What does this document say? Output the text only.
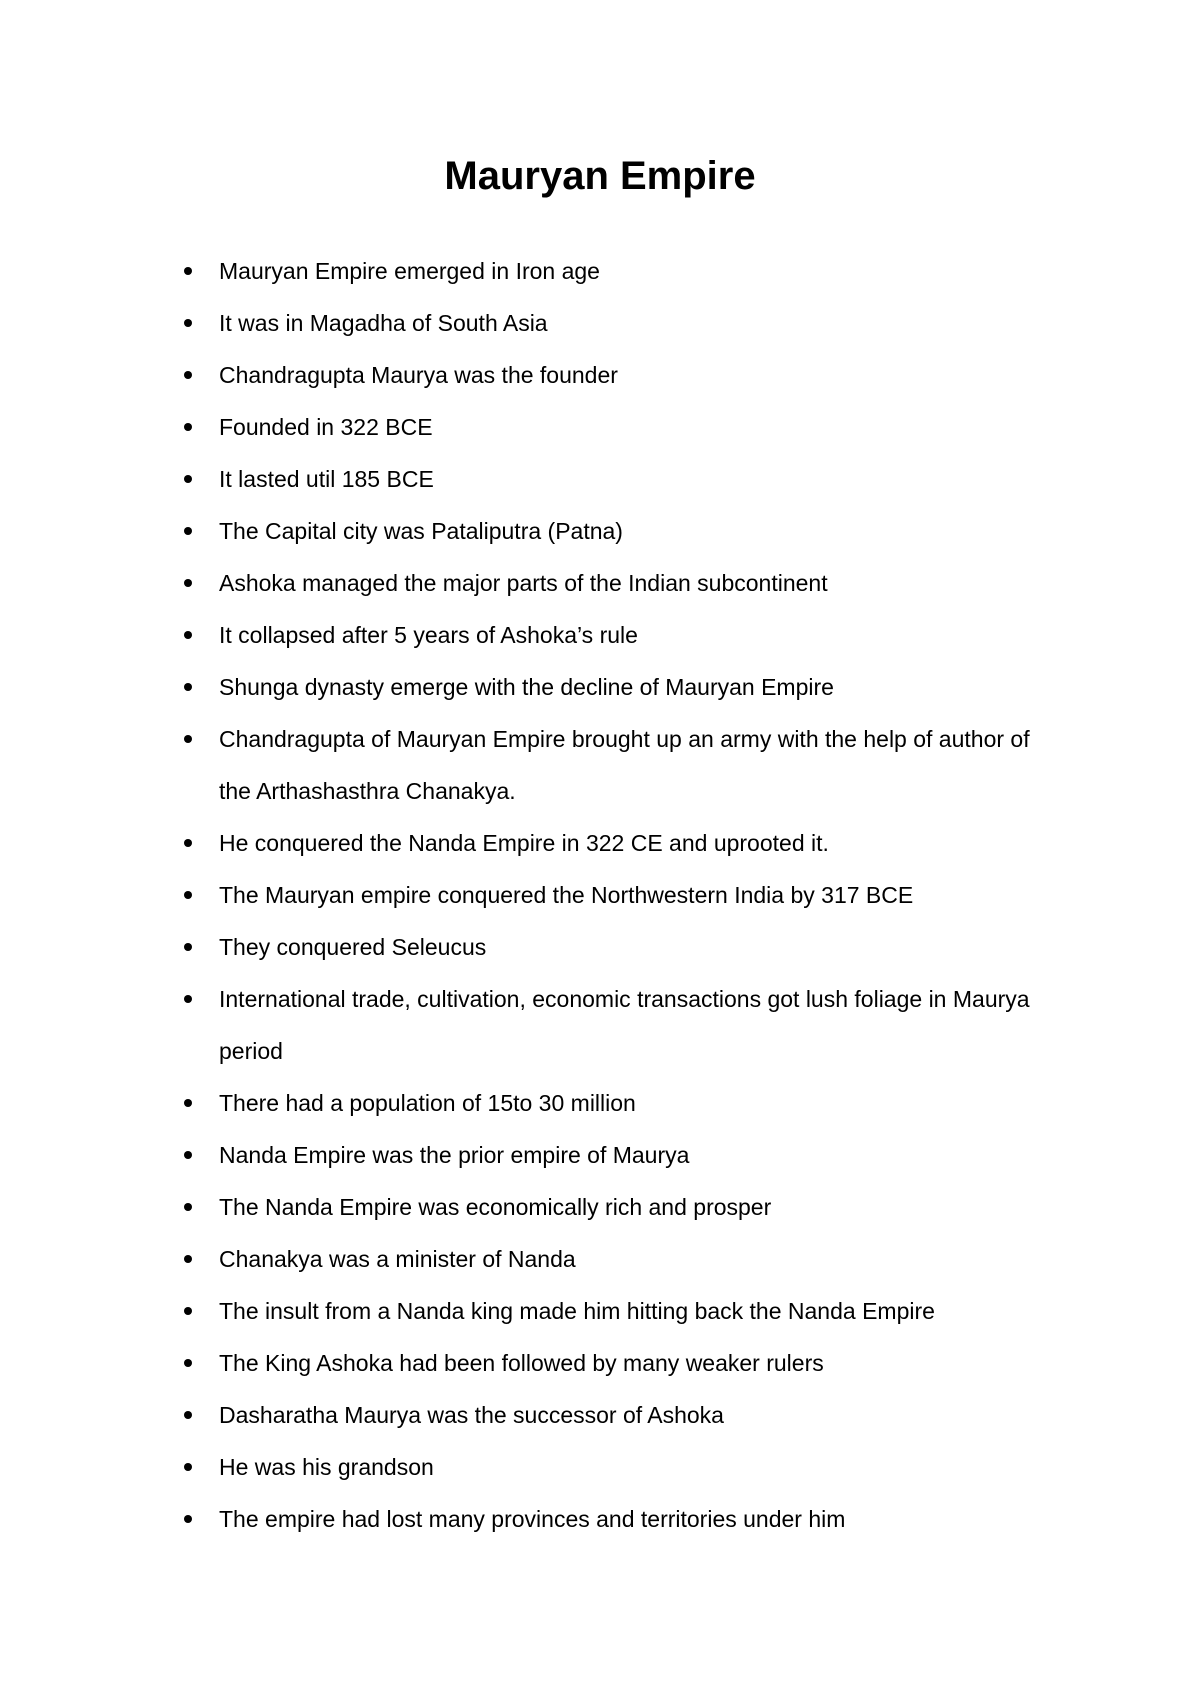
Mauryan Empire
Mauryan Empire emerged in Iron age
It was in Magadha of South Asia
Chandragupta Maurya was the founder
Founded in 322 BCE
It lasted util 185 BCE
The Capital city was Pataliputra (Patna)
Ashoka managed the major parts of the Indian subcontinent
It collapsed after 5 years of Ashoka’s rule
Shunga dynasty emerge with the decline of Mauryan Empire
Chandragupta of Mauryan Empire brought up an army with the help of author of the Arthashasthra Chanakya.
He conquered the Nanda Empire in 322 CE and uprooted it.
The Mauryan empire conquered the Northwestern India by 317 BCE
They conquered Seleucus
International trade, cultivation, economic transactions got lush foliage in Maurya period
There had a population of 15to 30 million
Nanda Empire was the prior empire of Maurya
The Nanda Empire was economically rich and prosper
Chanakya was a minister of Nanda
The insult from a Nanda king made him hitting back the Nanda Empire
The King Ashoka had been followed by many weaker rulers
Dasharatha Maurya was the successor of Ashoka
He was his grandson
The empire had lost many provinces and territories under him
